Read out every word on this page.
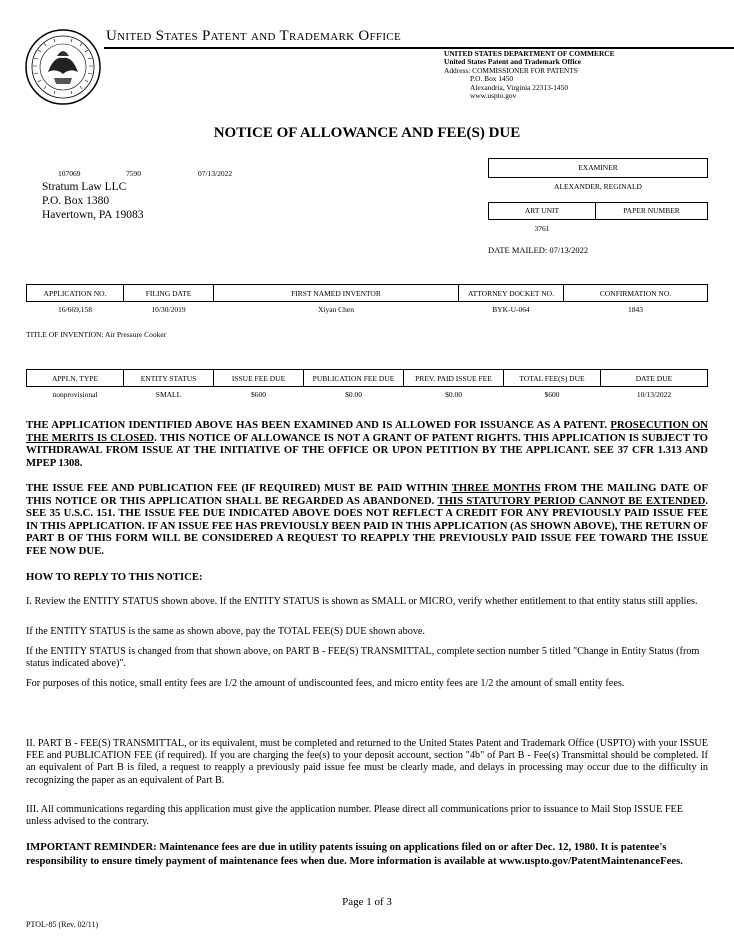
United States Patent and Trademark Office
UNITED STATES DEPARTMENT OF COMMERCE
United States Patent and Trademark Office
Address: COMMISSIONER FOR PATENTS
P.O. Box 1450
Alexandria, Virginia 22313-1450
www.uspto.gov
NOTICE OF ALLOWANCE AND FEE(S) DUE
107069	7590	07/13/2022
Stratum Law LLC
P.O. Box 1380
Havertown, PA 19083
EXAMINER
ALEXANDER, REGINALD
ART UNIT	PAPER NUMBER
3761
DATE MAILED: 07/13/2022
APPLICATION NO.	FILING DATE	FIRST NAMED INVENTOR	ATTORNEY DOCKET NO.	CONFIRMATION NO.
16/669,158	10/30/2019	Xiyan Chen	BYK-U-064	1843
TITLE OF INVENTION: Air Pressure Cooker
APPLN. TYPE	ENTITY STATUS	ISSUE FEE DUE	PUBLICATION FEE DUE	PREV. PAID ISSUE FEE	TOTAL FEE(S) DUE	DATE DUE
nonprovisional	SMALL	$600	$0.00	$0.00	$600	10/13/2022
THE APPLICATION IDENTIFIED ABOVE HAS BEEN EXAMINED AND IS ALLOWED FOR ISSUANCE AS A PATENT. PROSECUTION ON THE MERITS IS CLOSED. THIS NOTICE OF ALLOWANCE IS NOT A GRANT OF PATENT RIGHTS. THIS APPLICATION IS SUBJECT TO WITHDRAWAL FROM ISSUE AT THE INITIATIVE OF THE OFFICE OR UPON PETITION BY THE APPLICANT. SEE 37 CFR 1.313 AND MPEP 1308.
THE ISSUE FEE AND PUBLICATION FEE (IF REQUIRED) MUST BE PAID WITHIN THREE MONTHS FROM THE MAILING DATE OF THIS NOTICE OR THIS APPLICATION SHALL BE REGARDED AS ABANDONED. THIS STATUTORY PERIOD CANNOT BE EXTENDED. SEE 35 U.S.C. 151. THE ISSUE FEE DUE INDICATED ABOVE DOES NOT REFLECT A CREDIT FOR ANY PREVIOUSLY PAID ISSUE FEE IN THIS APPLICATION. IF AN ISSUE FEE HAS PREVIOUSLY BEEN PAID IN THIS APPLICATION (AS SHOWN ABOVE), THE RETURN OF PART B OF THIS FORM WILL BE CONSIDERED A REQUEST TO REAPPLY THE PREVIOUSLY PAID ISSUE FEE TOWARD THE ISSUE FEE NOW DUE.
HOW TO REPLY TO THIS NOTICE:
I. Review the ENTITY STATUS shown above. If the ENTITY STATUS is shown as SMALL or MICRO, verify whether entitlement to that entity status still applies.
If the ENTITY STATUS is the same as shown above, pay the TOTAL FEE(S) DUE shown above.
If the ENTITY STATUS is changed from that shown above, on PART B - FEE(S) TRANSMITTAL, complete section number 5 titled "Change in Entity Status (from status indicated above)".
For purposes of this notice, small entity fees are 1/2 the amount of undiscounted fees, and micro entity fees are 1/2 the amount of small entity fees.
II. PART B - FEE(S) TRANSMITTAL, or its equivalent, must be completed and returned to the United States Patent and Trademark Office (USPTO) with your ISSUE FEE and PUBLICATION FEE (if required). If you are charging the fee(s) to your deposit account, section "4b" of Part B - Fee(s) Transmittal should be completed. If an equivalent of Part B is filed, a request to reapply a previously paid issue fee must be clearly made, and delays in processing may occur due to the difficulty in recognizing the paper as an equivalent of Part B.
III. All communications regarding this application must give the application number. Please direct all communications prior to issuance to Mail Stop ISSUE FEE unless advised to the contrary.
IMPORTANT REMINDER: Maintenance fees are due in utility patents issuing on applications filed on or after Dec. 12, 1980. It is patentee's responsibility to ensure timely payment of maintenance fees when due. More information is available at www.uspto.gov/PatentMaintenanceFees.
Page 1 of 3
PTOL-85 (Rev. 02/11)
